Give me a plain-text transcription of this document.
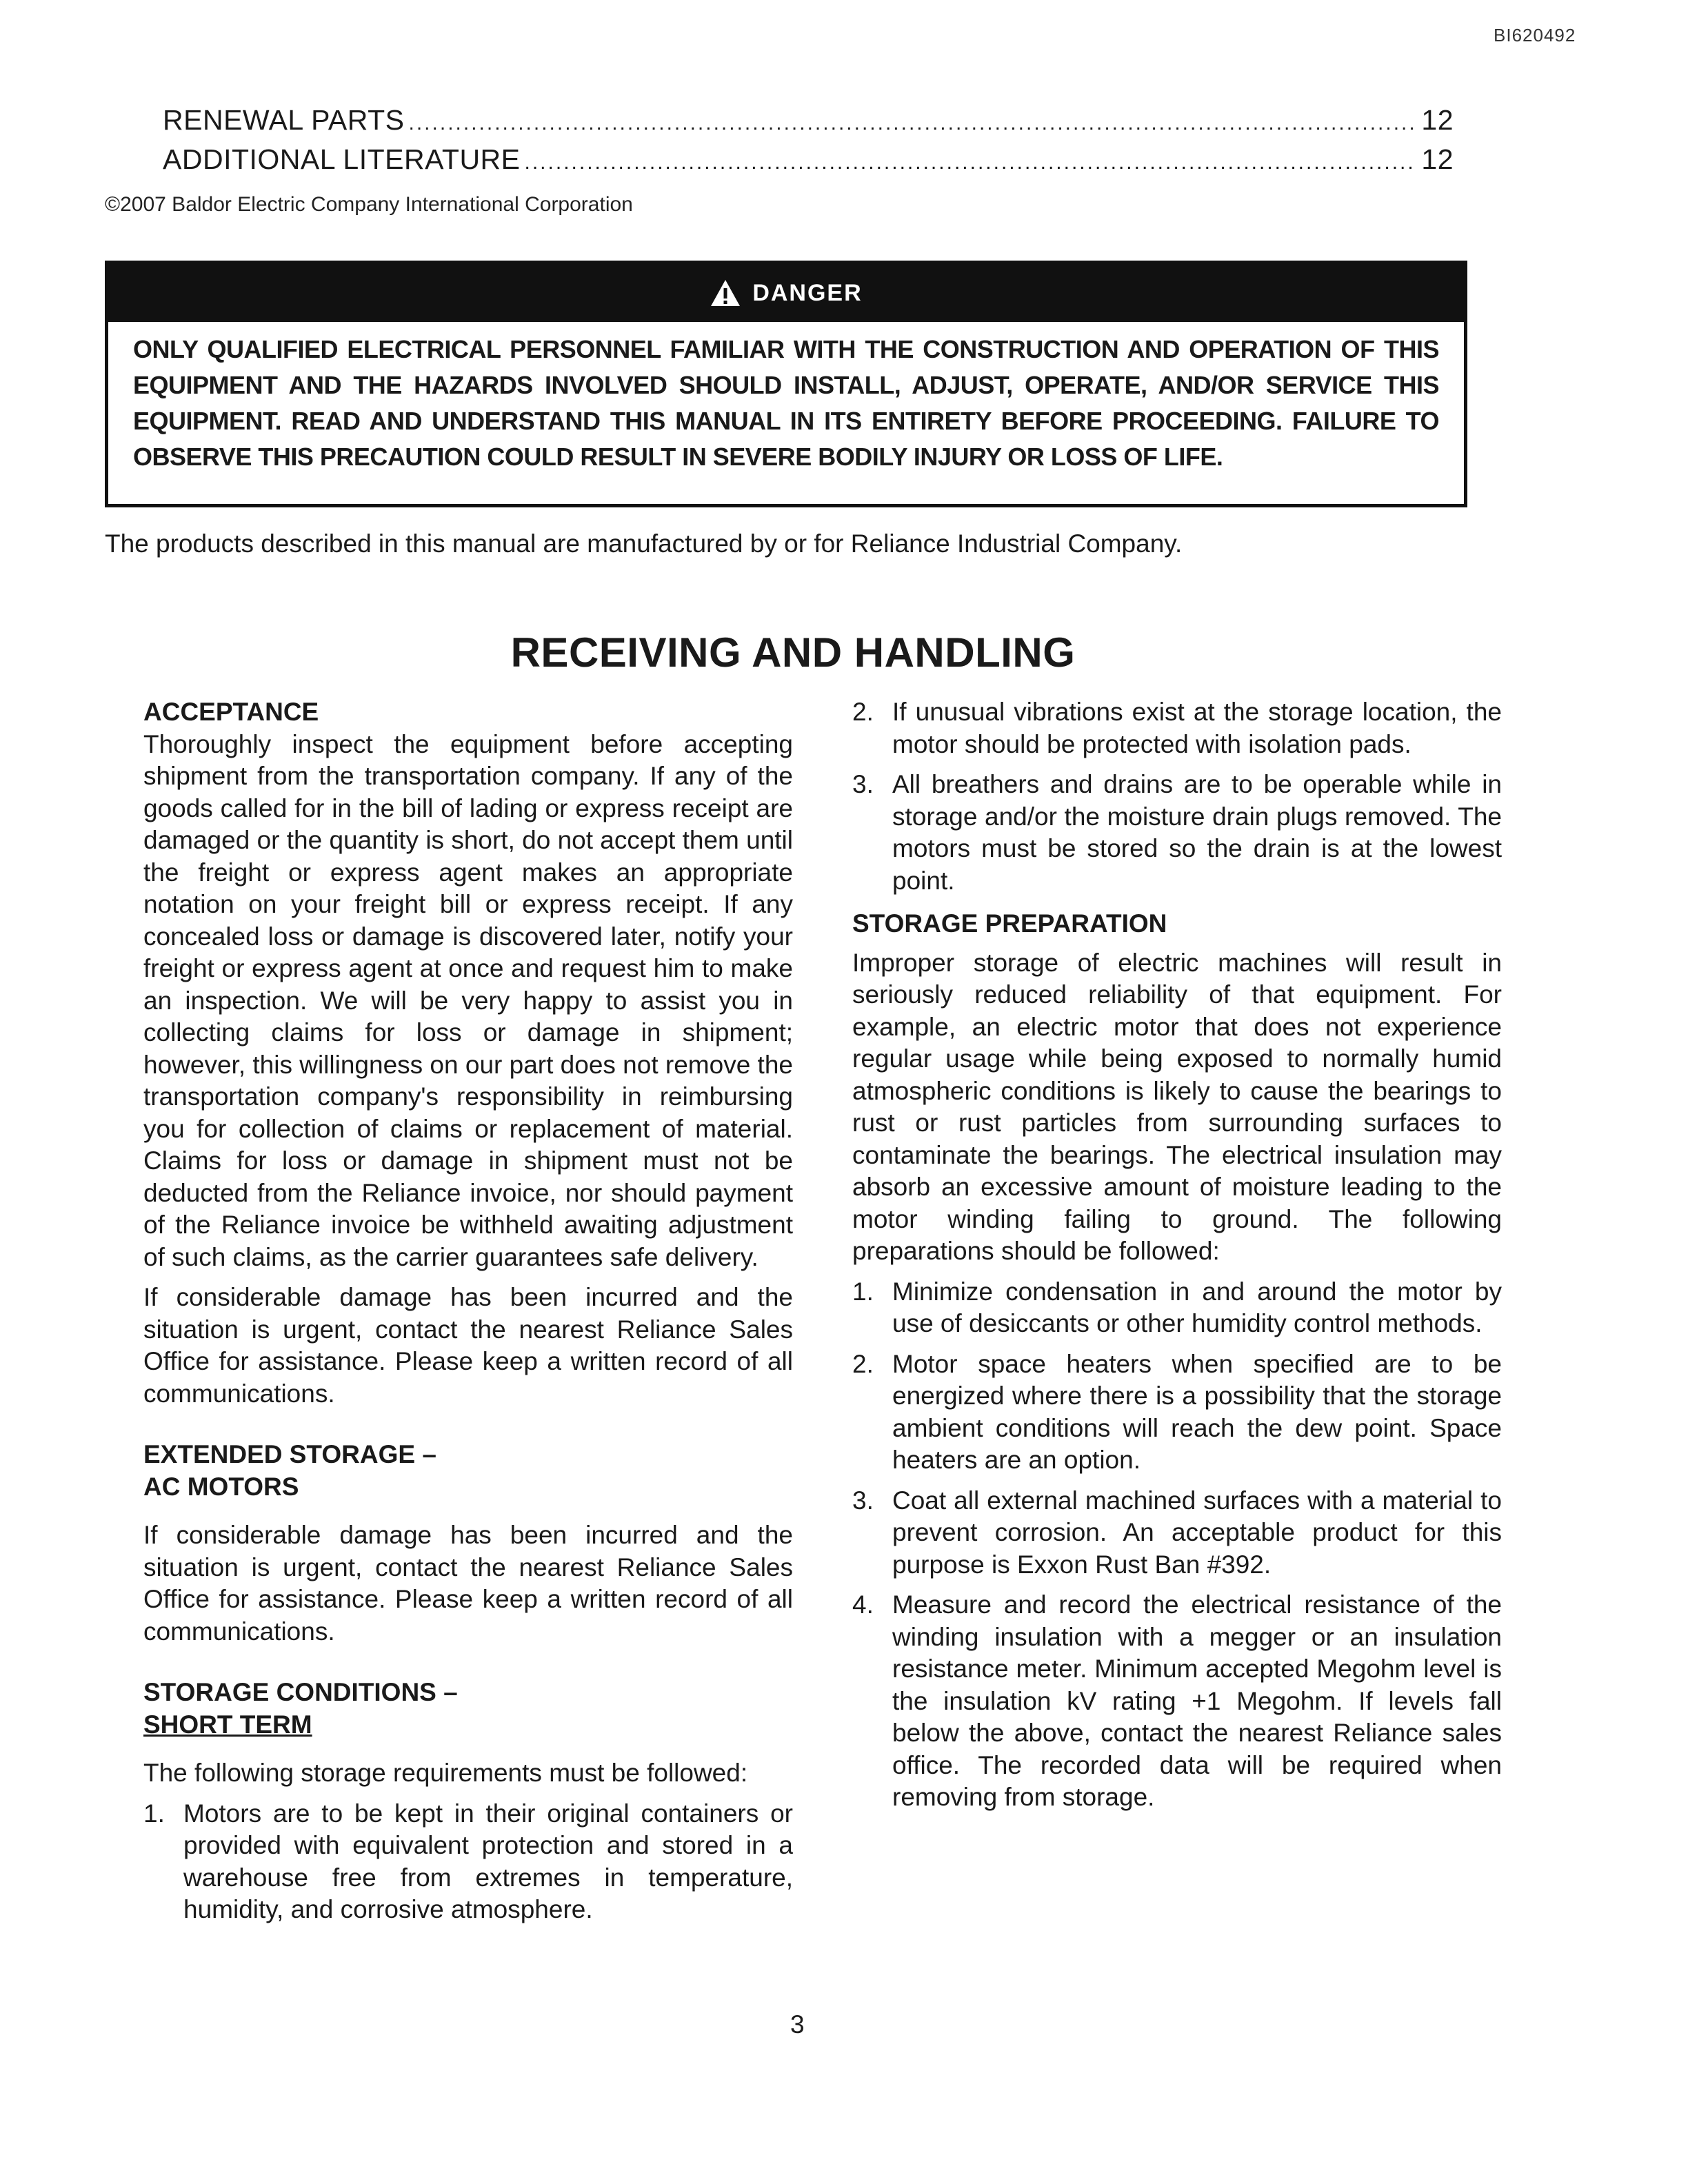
BI620492
RENEWAL PARTS .....	12
ADDITIONAL LITERATURE .....	12
©2007 Baldor Electric Company International Corporation
DANGER
ONLY QUALIFIED ELECTRICAL PERSONNEL FAMILIAR WITH THE CONSTRUCTION AND OPERATION OF THIS EQUIPMENT AND THE HAZARDS INVOLVED SHOULD INSTALL, ADJUST, OPERATE, AND/OR SERVICE THIS EQUIPMENT. READ AND UNDERSTAND THIS MANUAL IN ITS ENTIRETY BEFORE PROCEEDING. FAILURE TO OBSERVE THIS PRECAUTION COULD RESULT IN SEVERE BODILY INJURY OR LOSS OF LIFE.
The products described in this manual are manufactured by or for Reliance Industrial Company.
RECEIVING AND HANDLING
ACCEPTANCE

Thoroughly inspect the equipment before accepting shipment from the transportation company. If any of the goods called for in the bill of lading or express receipt are damaged or the quantity is short, do not accept them until the freight or express agent makes an appropriate notation on your freight bill or express receipt. If any concealed loss or damage is discovered later, notify your freight or express agent at once and request him to make an inspection. We will be very happy to assist you in collecting claims for loss or damage in shipment; however, this willingness on our part does not remove the transportation company's responsibility in reimbursing you for collection of claims or replacement of material. Claims for loss or damage in shipment must not be deducted from the Reliance invoice, nor should payment of the Reliance invoice be withheld awaiting adjustment of such claims, as the carrier guarantees safe delivery.

If considerable damage has been incurred and the situation is urgent, contact the nearest Reliance Sales Office for assistance. Please keep a written record of all communications.

EXTENDED STORAGE –
AC MOTORS

If considerable damage has been incurred and the situation is urgent, contact the nearest Reliance Sales Office for assistance. Please keep a written record of all communications.

STORAGE CONDITIONS –
SHORT TERM

The following storage requirements must be followed:

1. Motors are to be kept in their original containers or provided with equivalent protection and stored in a warehouse free from extremes in temperature, humidity, and corrosive atmosphere.
2. If unusual vibrations exist at the storage location, the motor should be protected with isolation pads.
3. All breathers and drains are to be operable while in storage and/or the moisture drain plugs removed. The motors must be stored so the drain is at the lowest point.
STORAGE PREPARATION

Improper storage of electric machines will result in seriously reduced reliability of that equipment. For example, an electric motor that does not experience regular usage while being exposed to normally humid atmospheric conditions is likely to cause the bearings to rust or rust particles from surrounding surfaces to contaminate the bearings. The electrical insulation may absorb an excessive amount of moisture leading to the motor winding failing to ground. The following preparations should be followed:

1. Minimize condensation in and around the motor by use of desiccants or other humidity control methods.
2. Motor space heaters when specified are to be energized where there is a possibility that the storage ambient conditions will reach the dew point. Space heaters are an option.
3. Coat all external machined surfaces with a material to prevent corrosion. An acceptable product for this purpose is Exxon Rust Ban #392.
4. Measure and record the electrical resistance of the winding insulation with a megger or an insulation resistance meter. Minimum accepted Megohm level is the insulation kV rating +1 Megohm. If levels fall below the above, contact the nearest Reliance sales office. The recorded data will be required when removing from storage.
3
